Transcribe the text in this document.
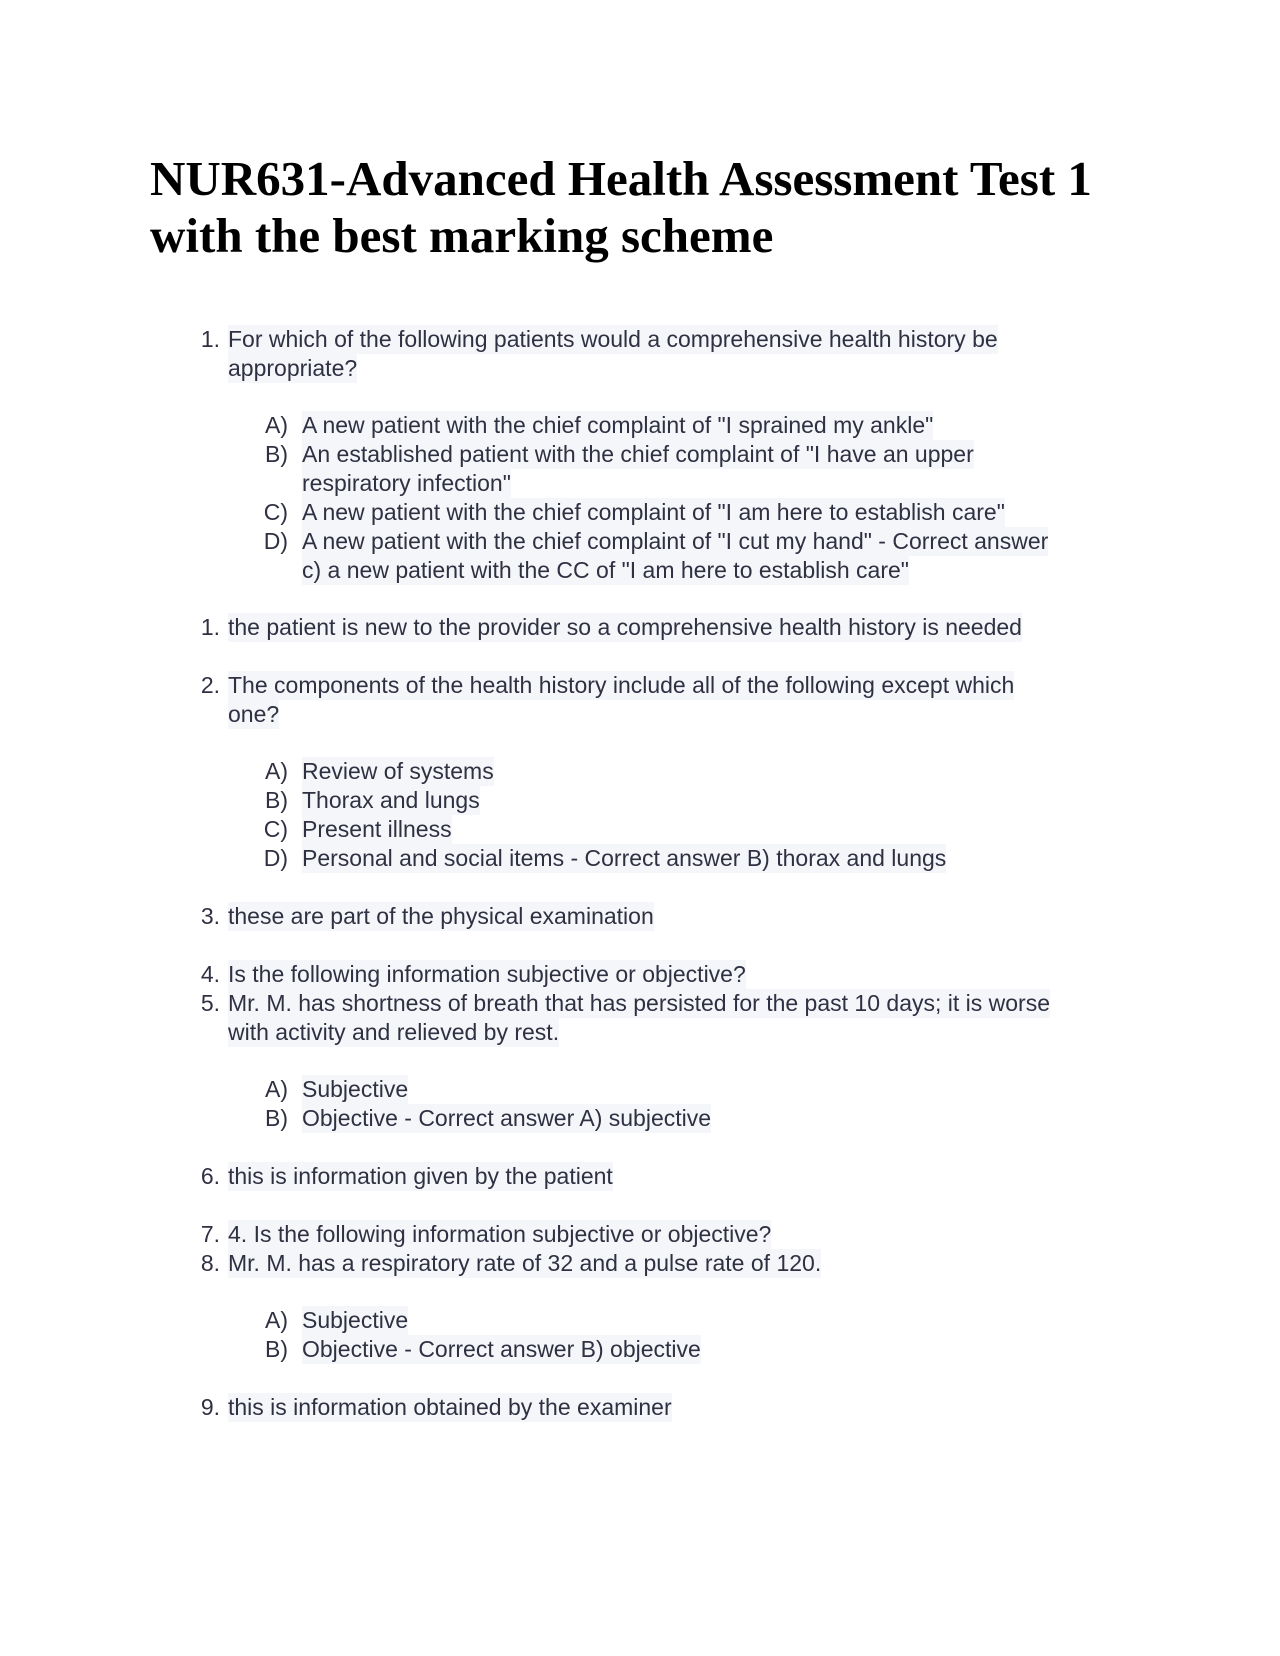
NUR631-Advanced Health Assessment Test 1
with the best marking scheme
1. For which of the following patients would a comprehensive health history be
appropriate?
A) A new patient with the chief complaint of "I sprained my ankle"
B) An established patient with the chief complaint of "I have an upper
respiratory infection"
C) A new patient with the chief complaint of "I am here to establish care"
D) A new patient with the chief complaint of "I cut my hand" - Correct answer
c) a new patient with the CC of "I am here to establish care"
1. the patient is new to the provider so a comprehensive health history is needed
2. The components of the health history include all of the following except which
one?
A) Review of systems
B) Thorax and lungs
C) Present illness
D) Personal and social items - Correct answer B) thorax and lungs
3. these are part of the physical examination
4. Is the following information subjective or objective?
5. Mr. M. has shortness of breath that has persisted for the past 10 days; it is worse
with activity and relieved by rest.
A) Subjective
B) Objective - Correct answer A) subjective
6. this is information given by the patient
7. 4. Is the following information subjective or objective?
8. Mr. M. has a respiratory rate of 32 and a pulse rate of 120.
A) Subjective
B) Objective - Correct answer B) objective
9. this is information obtained by the examiner
